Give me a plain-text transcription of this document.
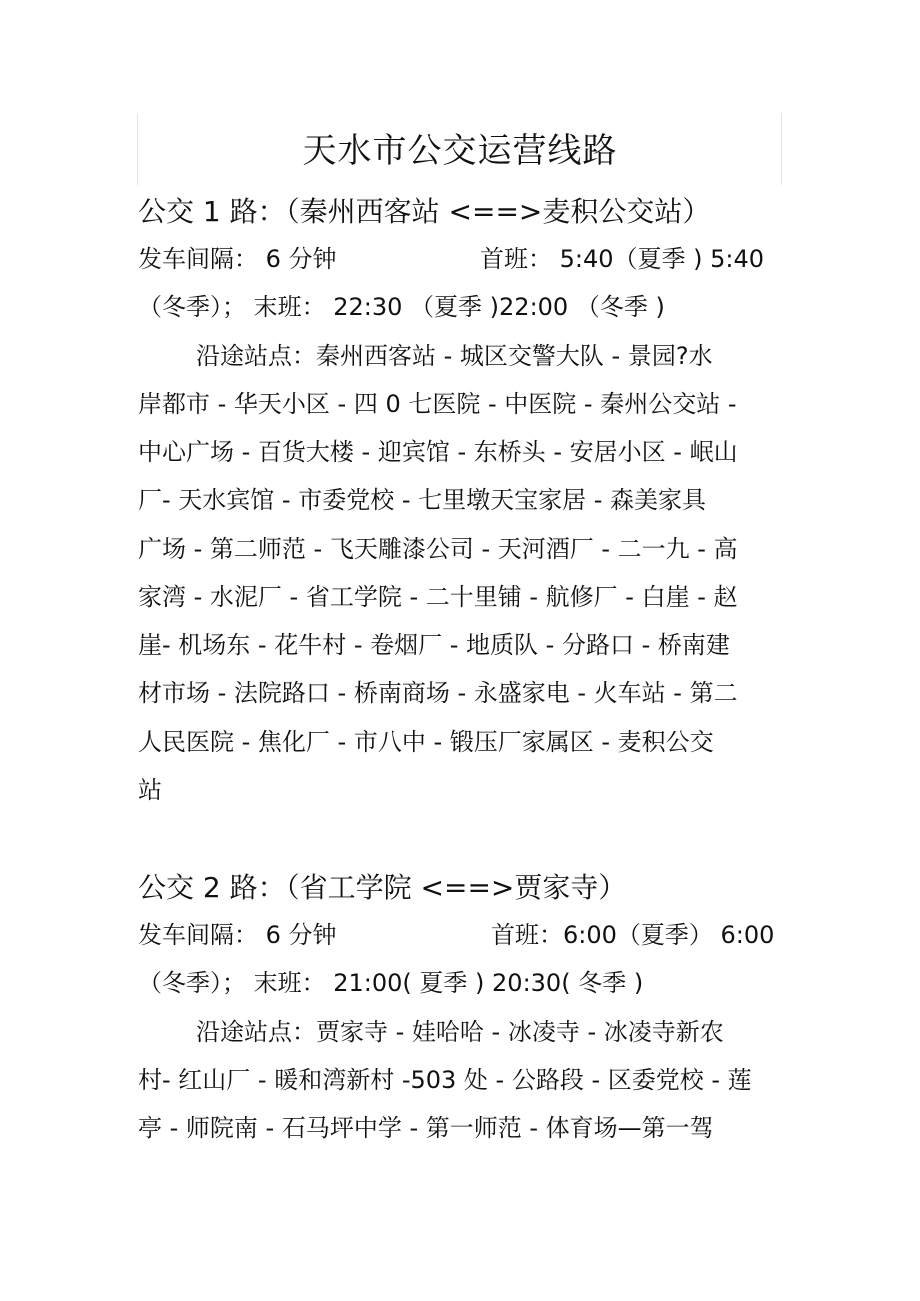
天水市公交运营线路
公交 1 路：（秦州西客站 <==>麦积公交站）
发车间隔： 6 分钟	首班： 5:40（夏季 ) 5:40
（冬季）； 末班： 22:30 （夏季 )22:00 （冬季 )
沿途站点：秦州西客站 - 城区交警大队 - 景园?水
岸都市 - 华天小区 - 四 0 七医院 - 中医院 - 秦州公交站 -
中心广场 - 百货大楼 - 迎宾馆 - 东桥头 - 安居小区 - 岷山
厂- 天水宾馆 - 市委党校 - 七里墩天宝家居 - 森美家具
广场 - 第二师范 - 飞天雕漆公司 - 天河酒厂 - 二一九 - 高
家湾 - 水泥厂 - 省工学院 - 二十里铺 - 航修厂 - 白崖 - 赵
崖- 机场东 - 花牛村 - 卷烟厂 - 地质队 - 分路口 - 桥南建
材市场 - 法院路口 - 桥南商场 - 永盛家电 - 火车站 - 第二
人民医院 - 焦化厂 - 市八中 - 锻压厂家属区 - 麦积公交
站
公交 2 路：（省工学院 <==>贾家寺）
发车间隔： 6 分钟	首班：6:00（夏季） 6:00
（冬季）； 末班： 21:00( 夏季 ) 20:30( 冬季 )
沿途站点：贾家寺 - 娃哈哈 - 冰凌寺 - 冰凌寺新农
村- 红山厂 - 暖和湾新村 -503 处 - 公路段 - 区委党校 - 莲
亭 - 师院南 - 石马坪中学 - 第一师范 - 体育场—第一驾
